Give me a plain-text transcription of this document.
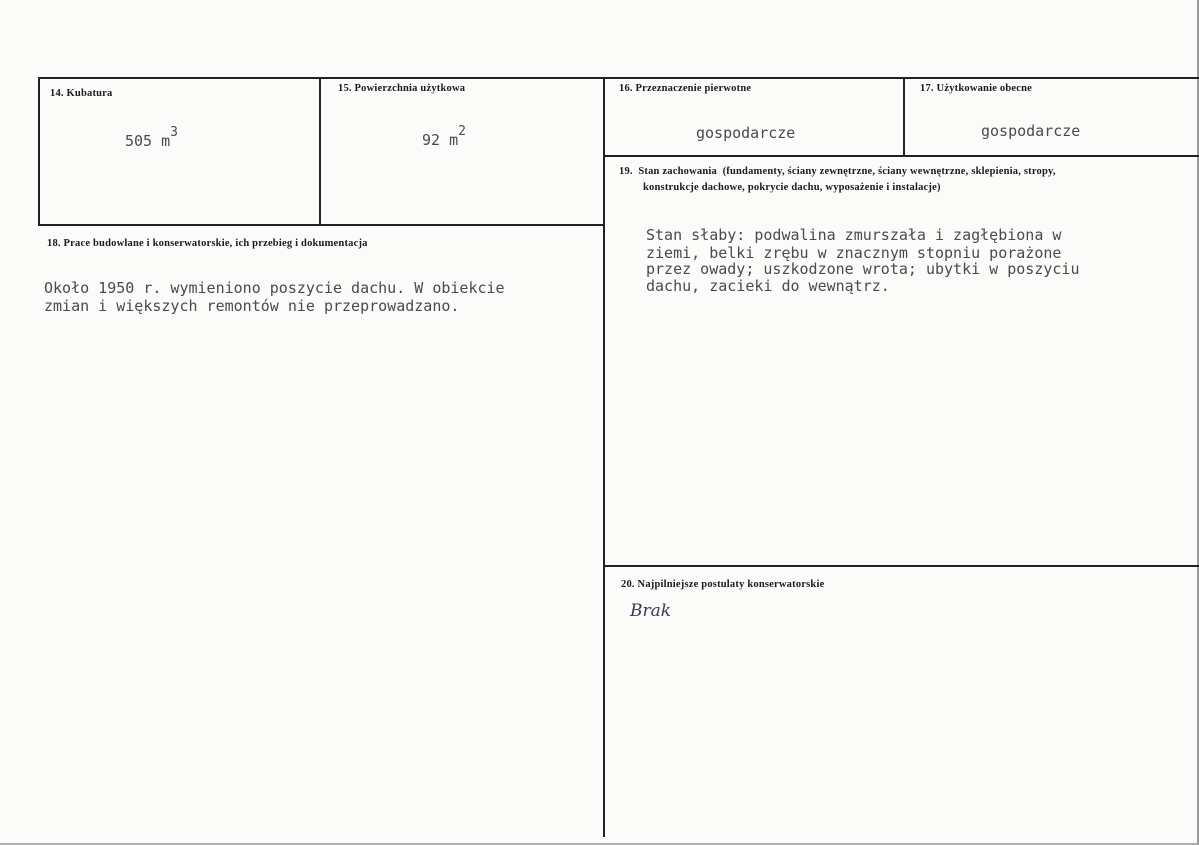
14. Kubatura
505 $m^3$
15. Powierzchnia użytkowa
92 $m^2$
16. Przeznaczenie pierwotne
gospodarcze
17. Użytkowanie obecne
gospodarcze
18. Prace budowlane i konserwatorskie, ich przebieg i dokumentacja
Około 1950 r. wymieniono poszycie dachu. W obiekcie
zmian i większych remontów nie przeprowadzano.
19.  Stan zachowania  (fundamenty, ściany zewnętrzne, ściany wewnętrzne, sklepienia, stropy,
konstrukcje dachowe, pokrycie dachu, wyposażenie i instalacje)
Stan słaby: podwalina zmurszała i zagłębiona w
ziemi, belki zrębu w znacznym stopniu porażone
przez owady; uszkodzone wrota; ubytki w poszyciu
dachu, zacieki do wewnątrz.
20. Najpilniejsze postulaty konserwatorskie
Brak
